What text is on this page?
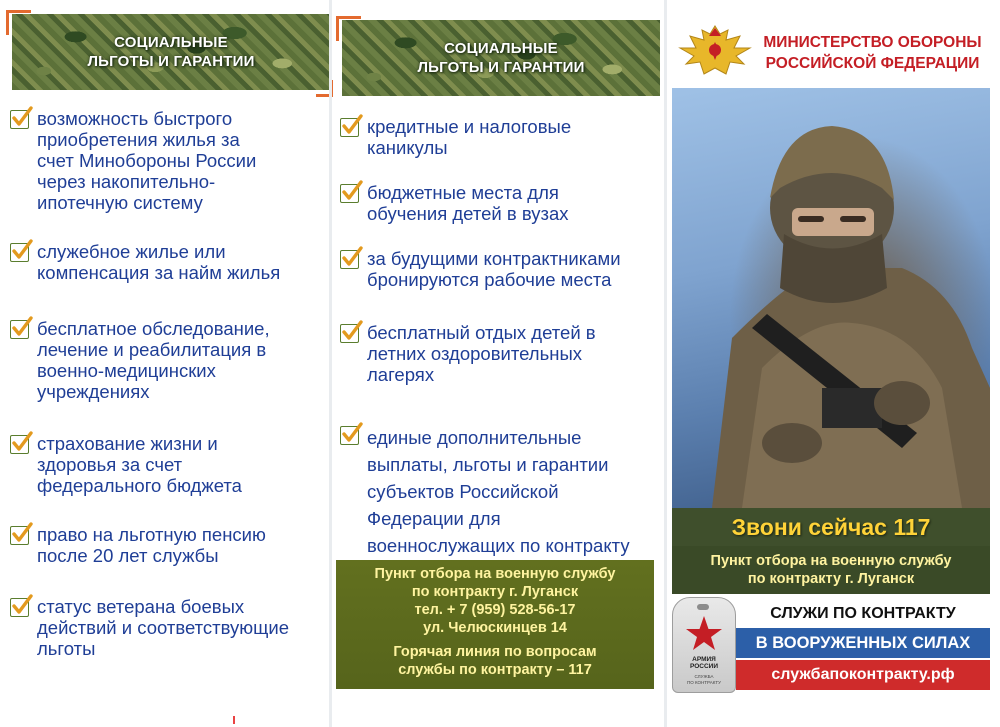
СОЦИАЛЬНЫЕ
ЛЬГОТЫ И ГАРАНТИИ
возможность быстрого приобретения жилья за счет Минобороны России через накопительно-ипотечную систему
служебное жилье или компенсация за найм жилья
бесплатное обследование, лечение и реабилитация в военно-медицинских учреждениях
страхование жизни и здоровья за счет федерального бюджета
право на льготную пенсию после 20 лет службы
статус ветерана боевых действий и соответствующие льготы
СОЦИАЛЬНЫЕ
ЛЬГОТЫ И ГАРАНТИИ
кредитные и налоговые каникулы
бюджетные места для обучения детей в вузах
за будущими контрактниками бронируются рабочие места
бесплатный отдых детей в летних оздоровительных лагерях
единые дополнительные выплаты, льготы и гарантии субъектов Российской Федерации для военнослужащих по контракту
Пункт отбора на военную службу
по контракту г. Луганск
тел. + 7 (959) 528-56-17
ул. Челюскинцев 14
Горячая линия по вопросам
службы по контракту – 117
МИНИСТЕРСТВО ОБОРОНЫ
РОССИЙСКОЙ ФЕДЕРАЦИИ
Звони сейчас 117
Пункт отбора на военную службу
по контракту г. Луганск
АРМИЯ
РОССИИ
СЛУЖБА
ПО КОНТРАКТУ
СЛУЖИ ПО КОНТРАКТУ
В ВООРУЖЕННЫХ СИЛАХ
службапоконтракту.рф
